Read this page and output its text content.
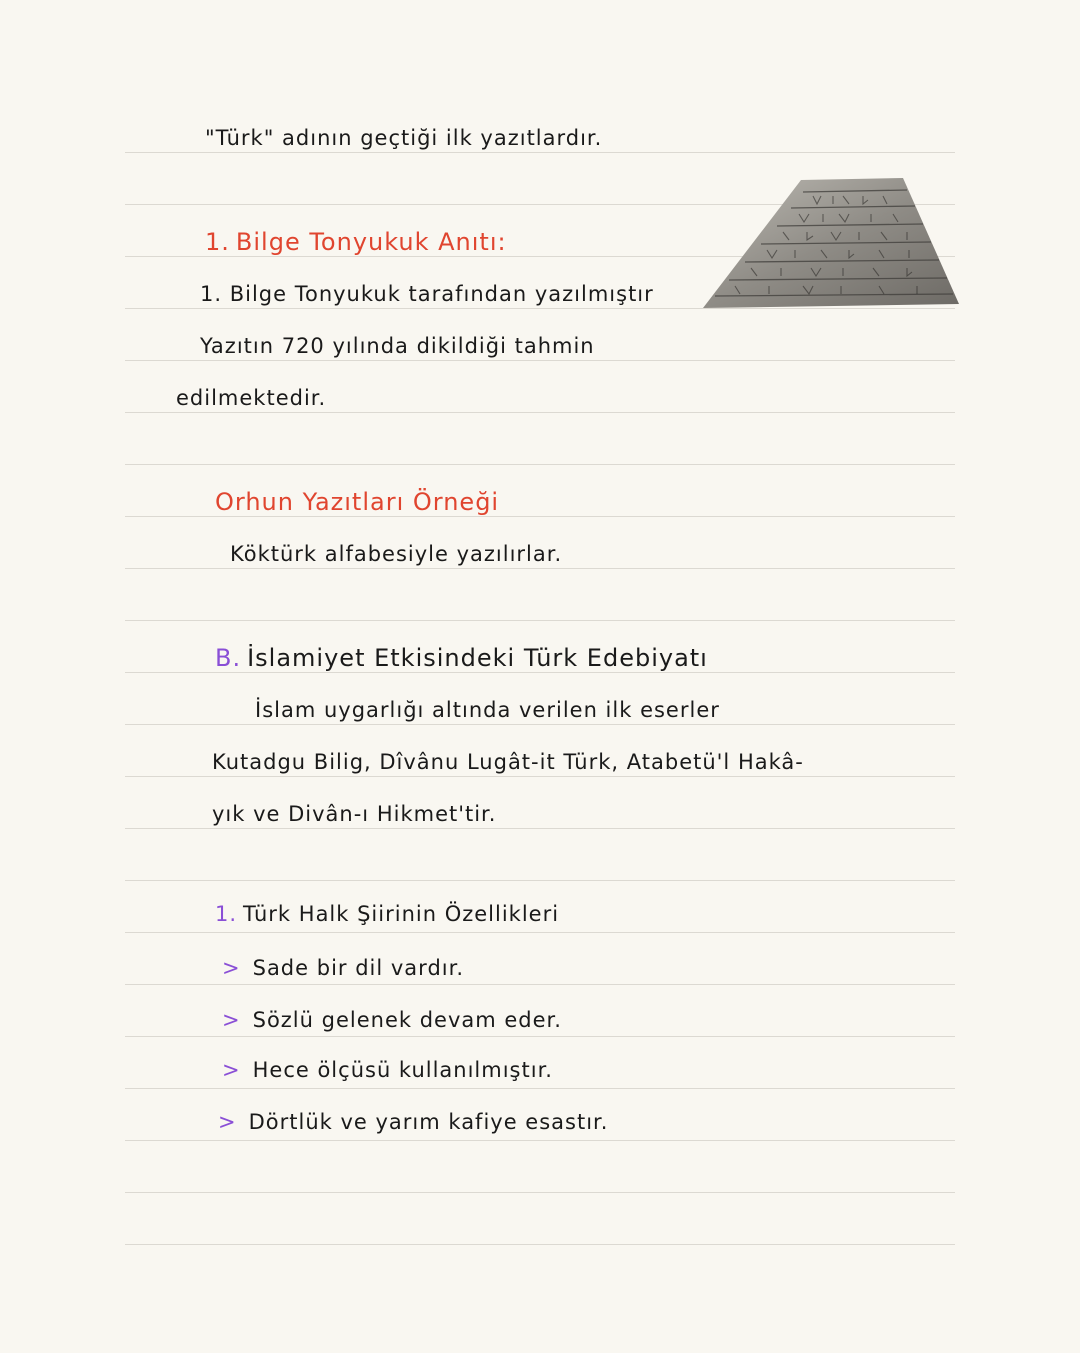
"Türk" adının geçtiği ilk yazıtlardır.
1. Bilge Tonyukuk Anıtı:
1. Bilge Tonyukuk tarafından yazılmıştır
Yazıtın 720 yılında dikildiği tahmin
edilmektedir.
Orhun Yazıtları Örneği
Köktürk alfabesiyle yazılırlar.
B. İslamiyet Etkisindeki Türk Edebiyatı
İslam uygarlığı altında verilen ilk eserler
Kutadgu Bilig, Dîvânu Lugât-it Türk, Atabetü'l Hakâ-
yık ve Divân-ı Hikmet'tir.
1. Türk Halk Şiirinin Özellikleri
> Sade bir dil vardır.
> Sözlü gelenek devam eder.
> Hece ölçüsü kullanılmıştır.
> Dörtlük ve yarım kafiye esastır.
